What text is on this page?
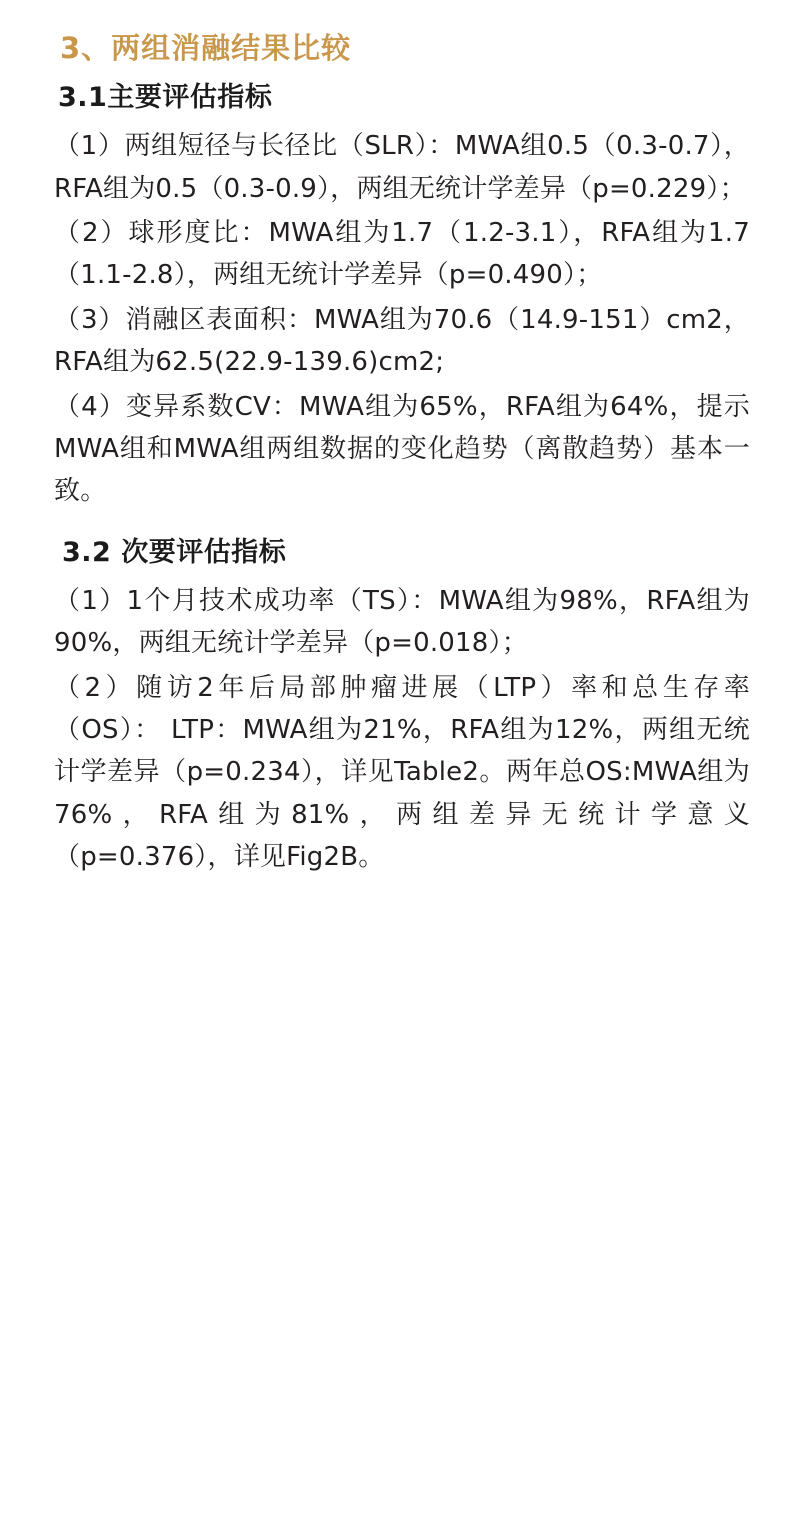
3、两组消融结果比较
3.1主要评估指标

（1）两组短径与长径比（SLR）：MWA组0.5（0.3-0.7），RFA组为0.5（0.3-0.9），两组无统计学差异（p=0.229）；

（2）球形度比：MWA组为1.7（1.2-3.1），RFA组为1.7（1.1-2.8），两组无统计学差异（p=0.490）；

（3）消融区表面积：MWA组为70.6（14.9-151）cm2，RFA组为62.5(22.9-139.6)cm2;

（4）变异系数CV：MWA组为65%，RFA组为64%，提示MWA组和MWA组两组数据的变化趋势（离散趋势）基本一致。

3.2 次要评估指标

（1）1个月技术成功率（TS）：MWA组为98%，RFA组为90%，两组无统计学差异（p=0.018）；

（2）随访2年后局部肿瘤进展（LTP）率和总生存率（OS）： LTP：MWA组为21%，RFA组为12%，两组无统计学差异（p=0.234），详见Table2。两年总OS:MWA组为76%，RFA组为81%，两组差异无统计学意义（p=0.376），详见Fig2B。
